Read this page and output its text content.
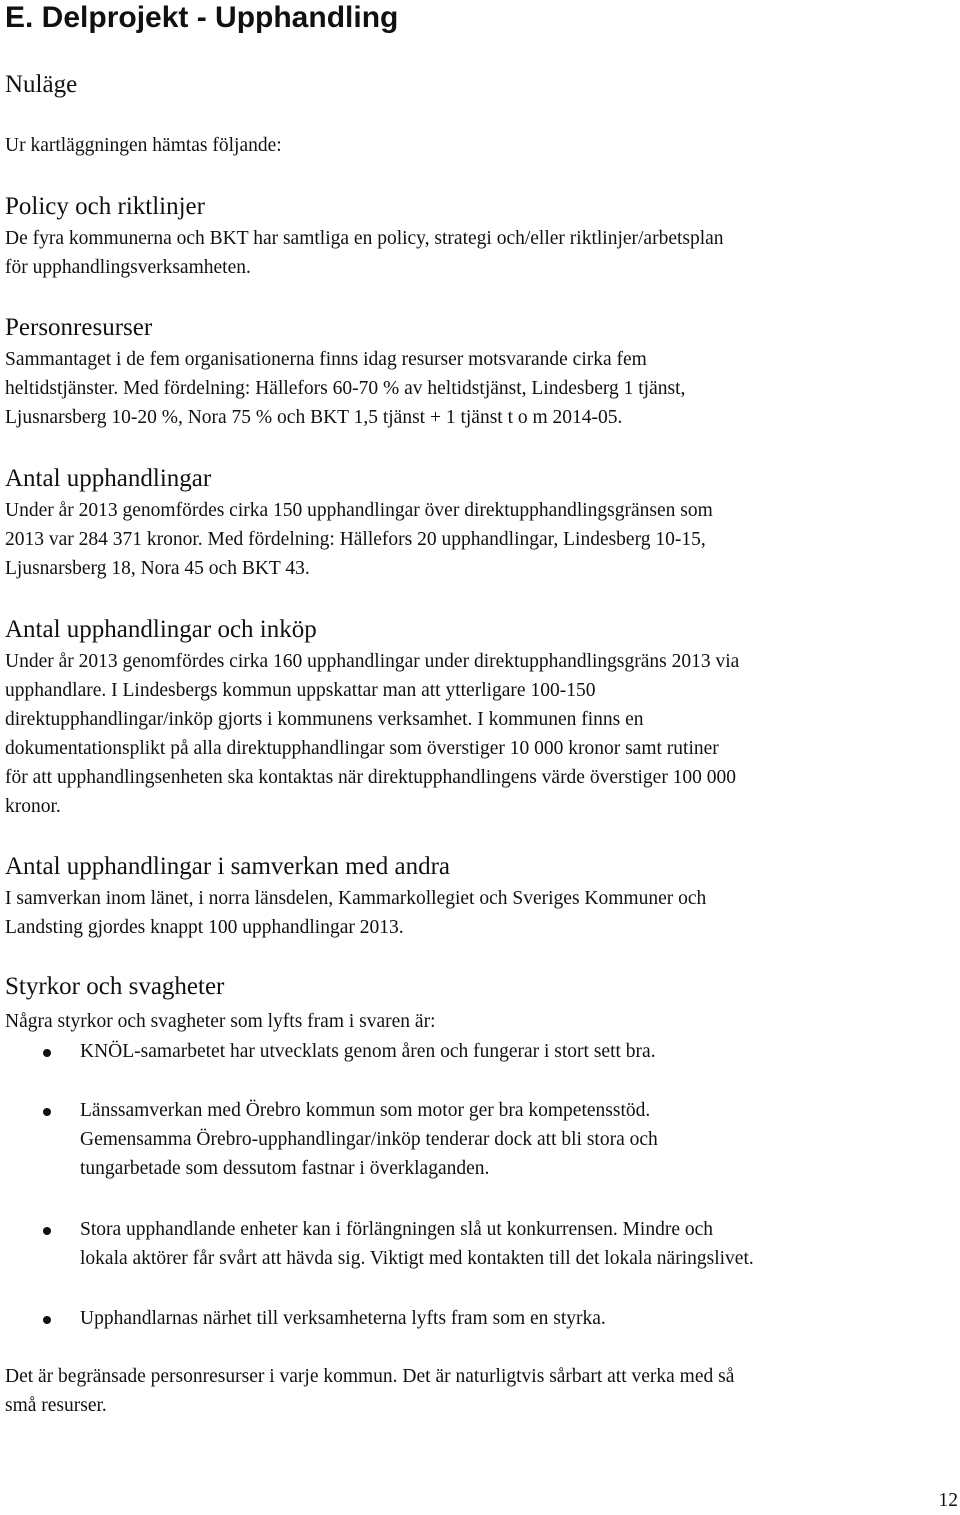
E. Delprojekt - Upphandling
Nuläge

Ur kartläggningen hämtas följande:

Policy och riktlinjer

De fyra kommunerna och BKT har samtliga en policy, strategi och/eller riktlinjer/arbetsplan
för upphandlingsverksamheten.

Personresurser

Sammantaget i de fem organisationerna finns idag resurser motsvarande cirka fem
heltidstjänster. Med fördelning: Hällefors 60-70 % av heltidstjänst, Lindesberg 1 tjänst,
Ljusnarsberg 10-20 %, Nora 75 % och BKT 1,5 tjänst + 1 tjänst t o m 2014-05.

Antal upphandlingar

Under år 2013 genomfördes cirka 150 upphandlingar över direktupphandlingsgränsen som
2013 var 284 371 kronor. Med fördelning: Hällefors 20 upphandlingar, Lindesberg 10-15,
Ljusnarsberg 18, Nora 45 och BKT 43.

Antal upphandlingar och inköp

Under år 2013 genomfördes cirka 160 upphandlingar under direktupphandlingsgräns 2013 via
upphandlare. I Lindesbergs kommun uppskattar man att ytterligare 100-150
direktupphandlingar/inköp gjorts i kommunens verksamhet. I kommunen finns en
dokumentationsplikt på alla direktupphandlingar som överstiger 10 000 kronor samt rutiner
för att upphandlingsenheten ska kontaktas när direktupphandlingens värde överstiger 100 000
kronor.

Antal upphandlingar i samverkan med andra

I samverkan inom länet, i norra länsdelen, Kammarkollegiet och Sveriges Kommuner och
Landsting gjordes knappt 100 upphandlingar 2013.

Styrkor och svagheter

Några styrkor och svagheter som lyfts fram i svaren är:

KNÖL-samarbetet har utvecklats genom åren och fungerar i stort sett bra.

Länssamverkan med Örebro kommun som motor ger bra kompetensstöd.
Gemensamma Örebro-upphandlingar/inköp tenderar dock att bli stora och
tungarbetade som dessutom fastnar i överklaganden.

Stora upphandlande enheter kan i förlängningen slå ut konkurrensen. Mindre och
lokala aktörer får svårt att hävda sig. Viktigt med kontakten till det lokala näringslivet.

Upphandlarnas närhet till verksamheterna lyfts fram som en styrka.

Det är begränsade personresurser i varje kommun. Det är naturligtvis sårbart att verka med så
små resurser.

12
